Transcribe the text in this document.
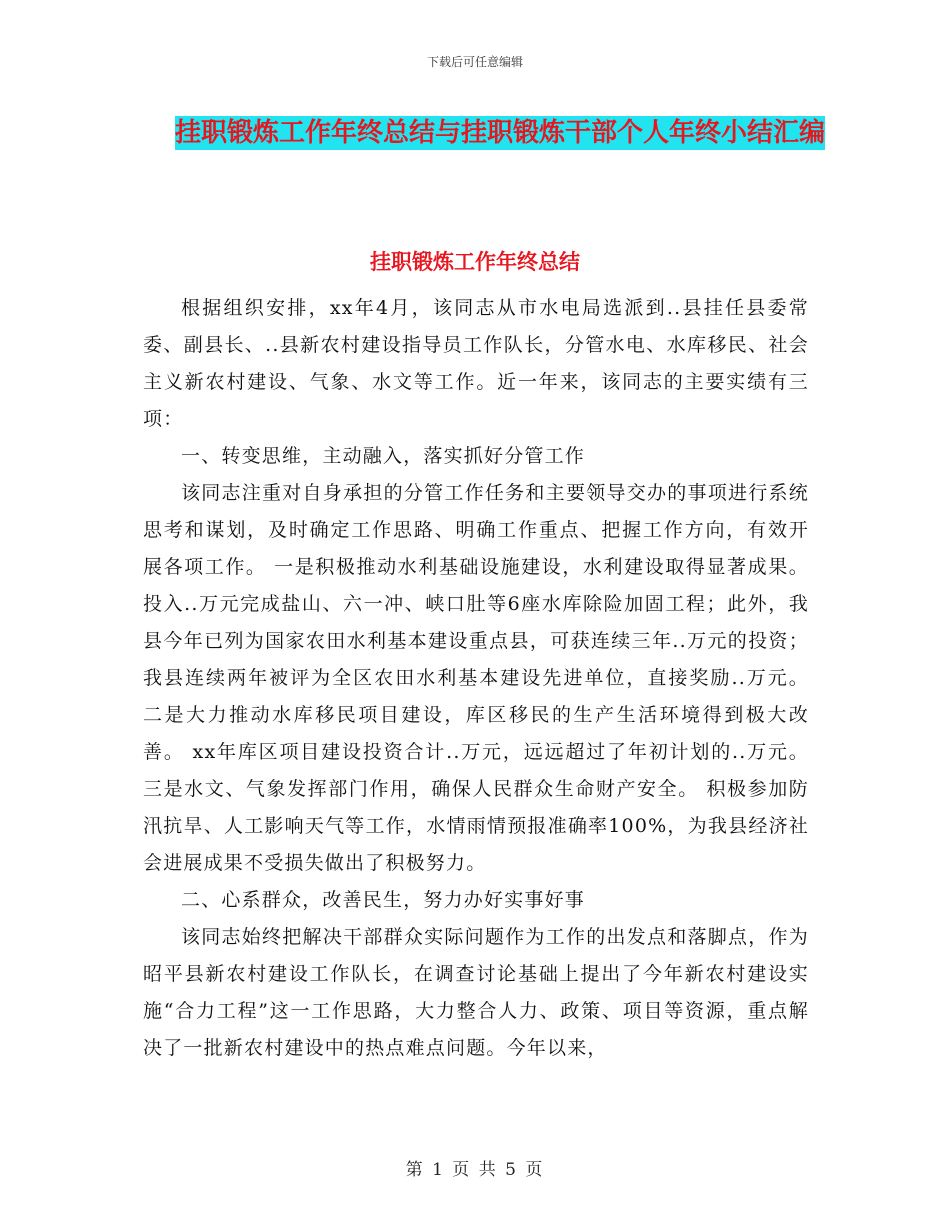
下载后可任意编辑
挂职锻炼工作年终总结与挂职锻炼干部个人年终小结汇编
挂职锻炼工作年终总结

根据组织安排，xx年4月，该同志从市水电局选派到..县挂任县委常委、副县长、..县新农村建设指导员工作队长，分管水电、水库移民、社会主义新农村建设、气象、水文等工作。近一年来，该同志的主要实绩有三项：

一、转变思维，主动融入，落实抓好分管工作

该同志注重对自身承担的分管工作任务和主要领导交办的事项进行系统思考和谋划，及时确定工作思路、明确工作重点、把握工作方向，有效开展各项工作。 一是积极推动水利基础设施建设，水利建设取得显著成果。 投入..万元完成盐山、六一冲、峡口肚等6座水库除险加固工程；此外，我县今年已列为国家农田水利基本建设重点县，可获连续三年..万元的投资；我县连续两年被评为全区农田水利基本建设先进单位，直接奖励..万元。 二是大力推动水库移民项目建设，库区移民的生产生活环境得到极大改善。 xx年库区项目建设投资合计..万元，远远超过了年初计划的..万元。 三是水文、气象发挥部门作用，确保人民群众生命财产安全。 积极参加防汛抗旱、人工影响天气等工作，水情雨情预报准确率100%，为我县经济社会进展成果不受损失做出了积极努力。

二、心系群众，改善民生，努力办好实事好事

该同志始终把解决干部群众实际问题作为工作的出发点和落脚点，作为昭平县新农村建设工作队长，在调查讨论基础上提出了今年新农村建设实施“合力工程”这一工作思路，大力整合人力、政策、项目等资源，重点解决了一批新农村建设中的热点难点问题。今年以来，

第 1 页 共 5 页
